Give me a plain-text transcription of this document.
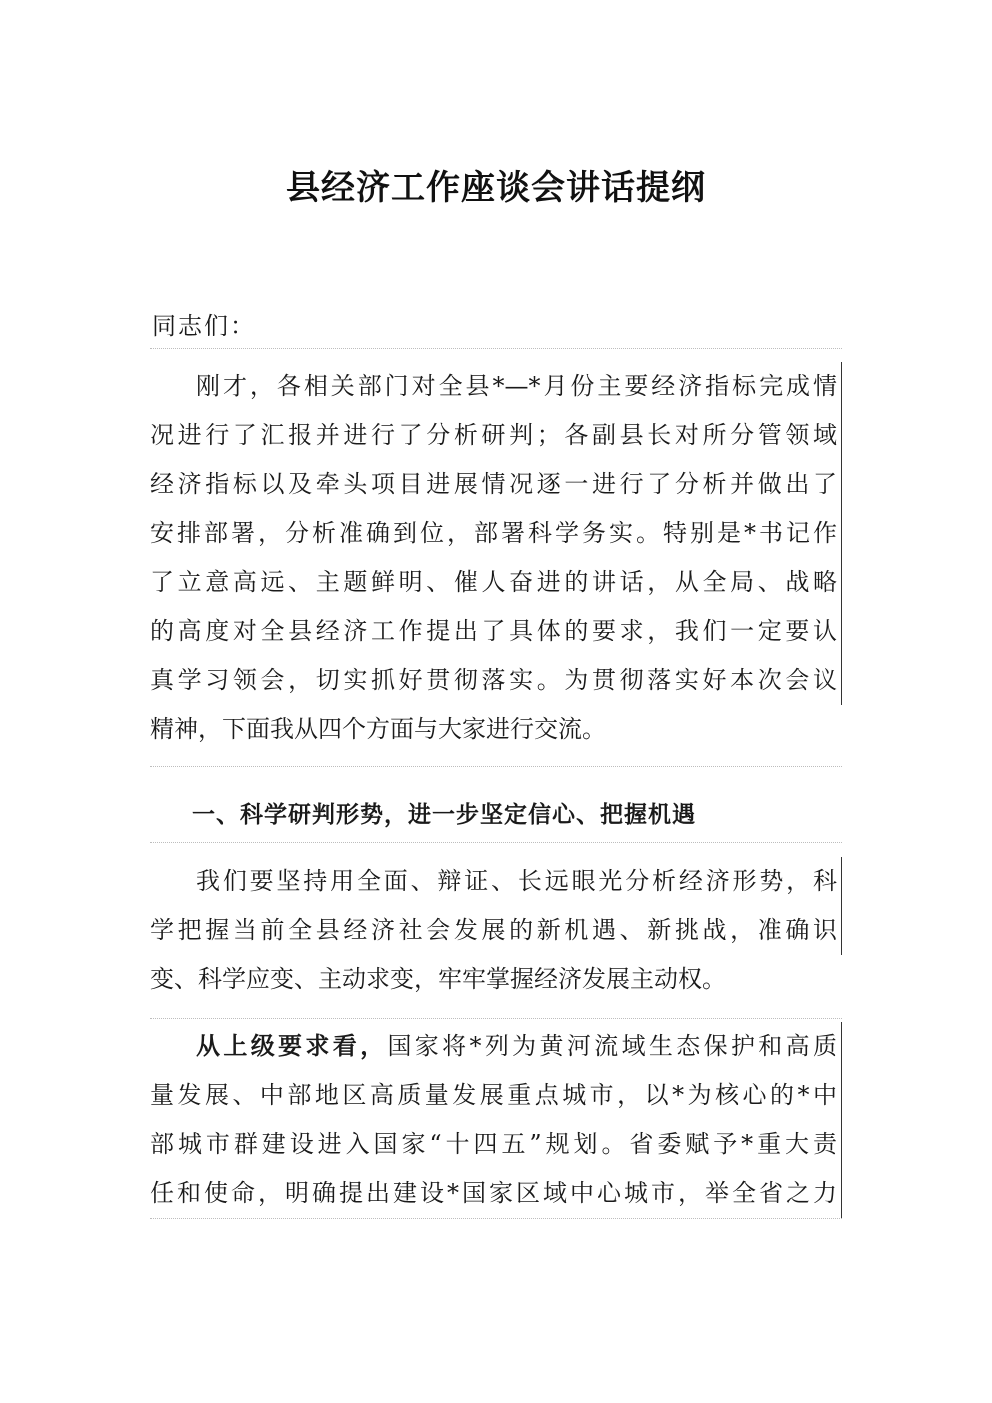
县经济工作座谈会讲话提纲
同志们：
刚才，各相关部门对全县*—*月份主要经济指标完成情
况进行了汇报并进行了分析研判；各副县长对所分管领域
经济指标以及牵头项目进展情况逐一进行了分析并做出了
安排部署，分析准确到位，部署科学务实。特别是*书记作
了立意高远、主题鲜明、催人奋进的讲话，从全局、战略
的高度对全县经济工作提出了具体的要求，我们一定要认
真学习领会，切实抓好贯彻落实。为贯彻落实好本次会议
精神，下面我从四个方面与大家进行交流。
一、科学研判形势，进一步坚定信心、把握机遇
我们要坚持用全面、辩证、长远眼光分析经济形势，科
学把握当前全县经济社会发展的新机遇、新挑战，准确识
变、科学应变、主动求变，牢牢掌握经济发展主动权。
从上级要求看，国家将*列为黄河流域生态保护和高质
量发展、中部地区高质量发展重点城市，以*为核心的*中
部城市群建设进入国家“十四五”规划。省委赋予*重大责
任和使命，明确提出建设*国家区域中心城市，举全省之力
